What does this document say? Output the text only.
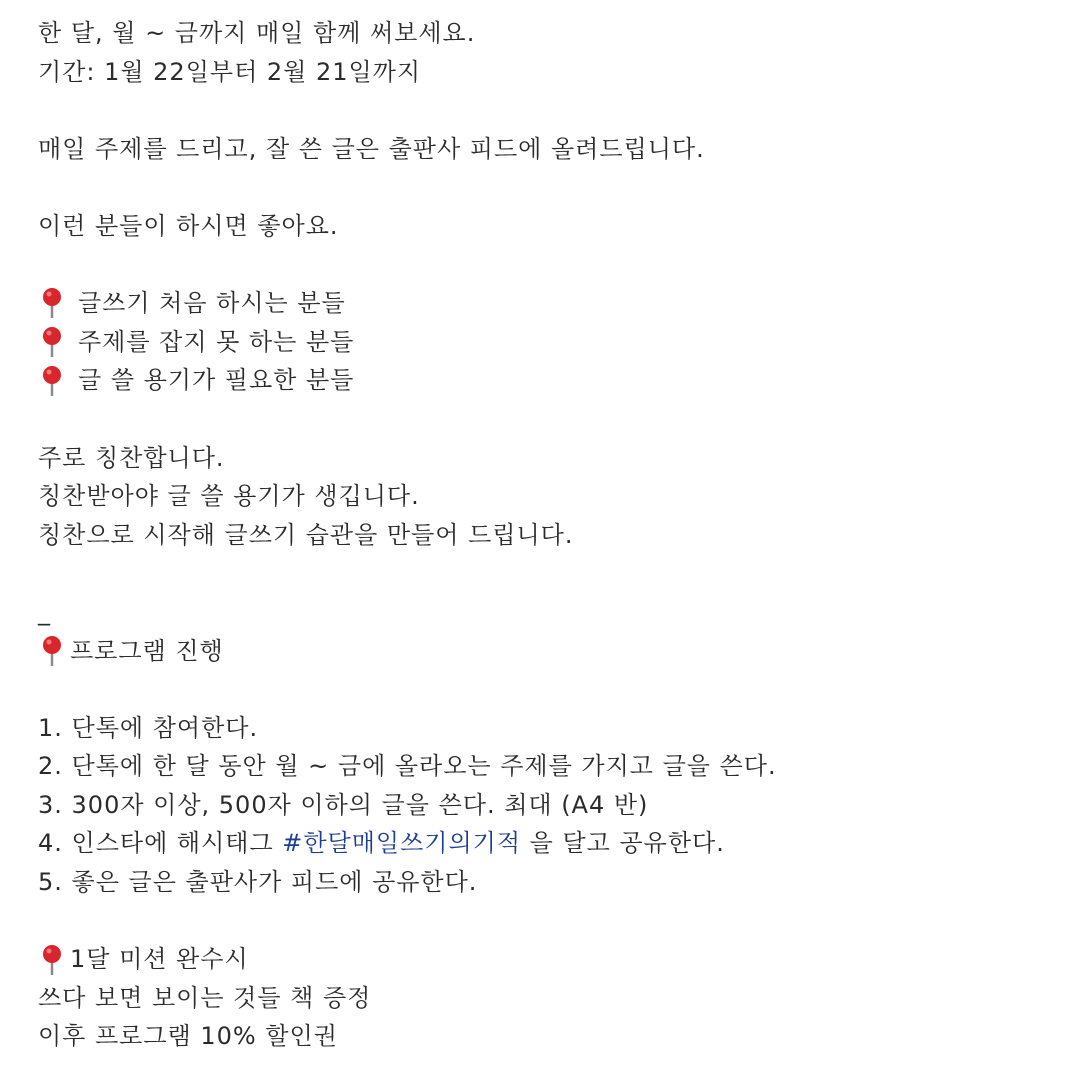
한 달, 월 ~ 금까지 매일 함께 써보세요.
기간: 1월 22일부터 2월 21일까지
매일 주제를 드리고, 잘 쓴 글은 출판사 피드에 올려드립니다.
이런 분들이 하시면 좋아요.
글쓰기 처음 하시는 분들
주제를 잡지 못 하는 분들
글 쓸 용기가 필요한 분들
주로 칭찬합니다.
칭찬받아야 글 쓸 용기가 생깁니다.
칭찬으로 시작해 글쓰기 습관을 만들어 드립니다.
_
프로그램 진행
1. 단톡에 참여한다.
2. 단톡에 한 달 동안 월 ~ 금에 올라오는 주제를 가지고 글을 쓴다.
3. 300자 이상, 500자 이하의 글을 쓴다. 최대 (A4 반)
4. 인스타에 해시태그 #한달매일쓰기의기적 을 달고 공유한다.
5. 좋은 글은 출판사가 피드에 공유한다.
1달 미션 완수시
쓰다 보면 보이는 것들 책 증정
이후 프로그램 10% 할인권
